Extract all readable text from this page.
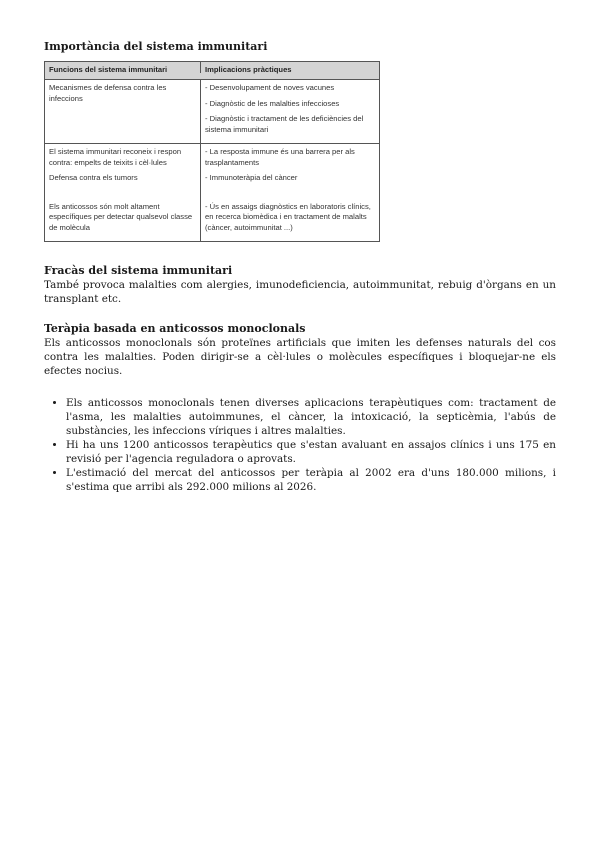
Importància del sistema immunitari
Funcions del sistema immunitari	Implicacions pràctiques

Mecanismes de defensa contra les infeccions

- Desenvolupament de noves vacunes

- Diagnòstic de les malalties infeccioses

- Diagnòstic i tractament de les deficiències del sistema immunitari

El sistema immunitari reconeix i respon contra: empelts de teixits i cèl·lules

Defensa contra els tumors

Els anticossos són molt altament específiques per detectar qualsevol classe de molècula

- La resposta immune és una barrera per als trasplantaments

- Immunoteràpia del càncer

- Ús en assaigs diagnòstics en laboratoris clínics, en recerca biomèdica i en tractament de malalts (càncer, autoimmunitat ...)

Fracàs del sistema immunitari

També provoca malalties com alergies, imunodeficiencia, autoimmunitat, rebuig d'òrgans en un transplant etc.

Teràpia basada en anticossos monoclonals

Els anticossos monoclonals són proteïnes artificials que imiten les defenses naturals del cos contra les malalties. Poden dirigir-se a cèl·lules o molècules específiques i bloquejar-ne els efectes nocius.

• Els anticossos monoclonals tenen diverses aplicacions terapèutiques com: tractament de l'asma, les malalties autoimmunes, el càncer, la intoxicació, la septicèmia, l'abús de substàncies, les infeccions víriques i altres malalties.
• Hi ha uns 1200 anticossos terapèutics que s'estan avaluant en assajos clínics i uns 175 en revisió per l'agencia reguladora o aprovats.
• L'estimació del mercat del anticossos per teràpia al 2002 era d'uns 180.000 milions, i s'estima que arribi als 292.000 milions al 2026.
